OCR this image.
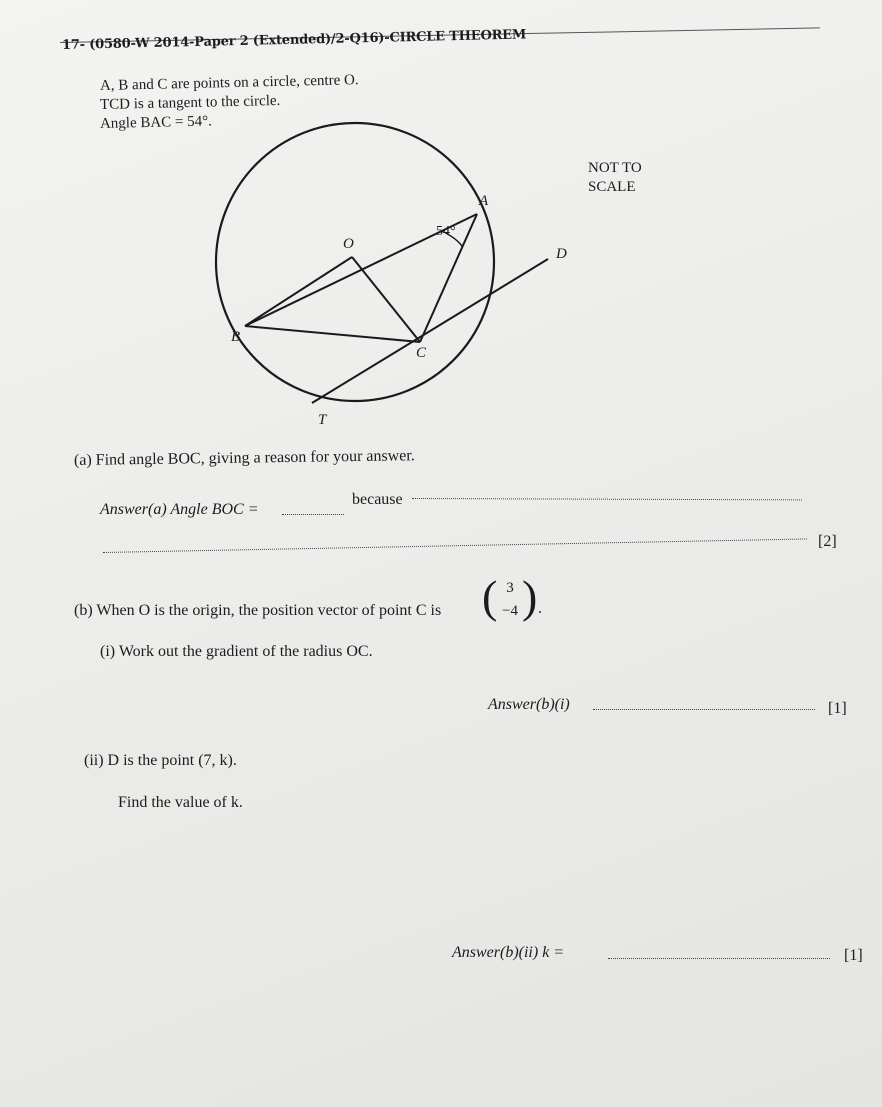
17- (0580-W 2014-Paper 2 (Extended)/2-Q16)-CIRCLE THEOREM
A, B and C are points on a circle, centre O.
TCD is a tangent to the circle.
Angle BAC = 54°.
NOT TO
SCALE
A
O
54°
D
B
C
T
(a) Find angle BOC, giving a reason for your answer.
Answer(a) Angle BOC =
because
[2]
(b) When O is the origin, the position vector of point C is ( 3
−4 ) .
(i) Work out the gradient of the radius OC.
Answer(b)(i)	[1]
(ii) D is the point (7, k).
Find the value of k.
Answer(b)(ii) k =	[1]
